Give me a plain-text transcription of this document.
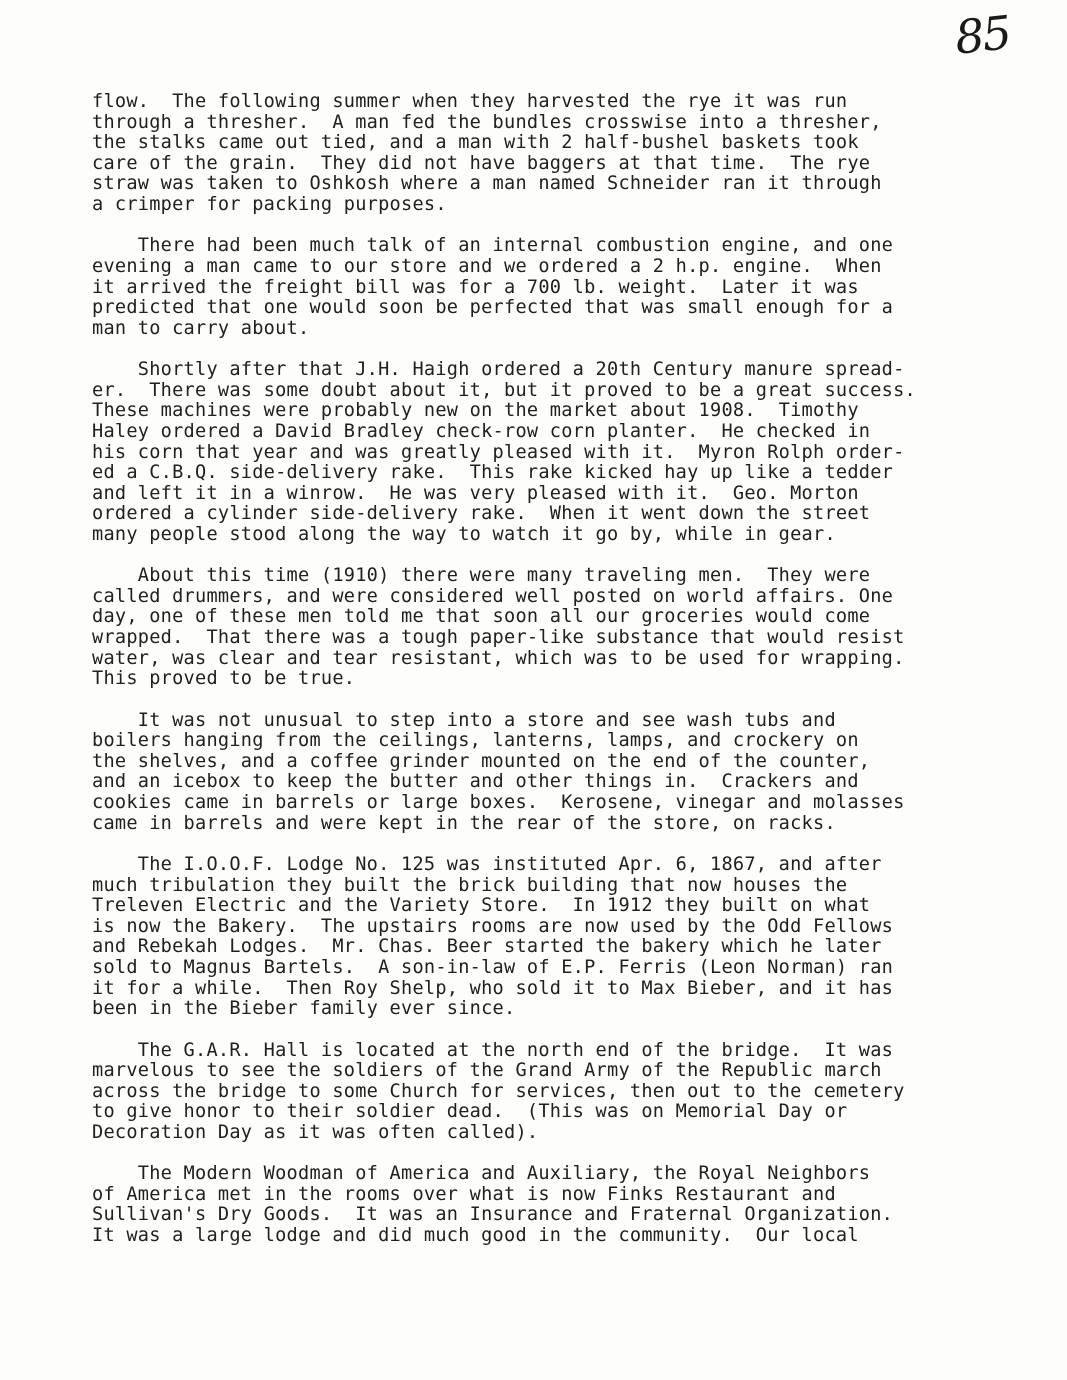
85
flow.  The following summer when they harvested the rye it was run
through a thresher.  A man fed the bundles crosswise into a thresher,
the stalks came out tied, and a man with 2 half-bushel baskets took
care of the grain.  They did not have baggers at that time.  The rye
straw was taken to Oshkosh where a man named Schneider ran it through
a crimper for packing purposes.
There had been much talk of an internal combustion engine, and one
evening a man came to our store and we ordered a 2 h.p. engine.  When
it arrived the freight bill was for a 700 lb. weight.  Later it was
predicted that one would soon be perfected that was small enough for a
man to carry about.
Shortly after that J.H. Haigh ordered a 20th Century manure spread-
er.  There was some doubt about it, but it proved to be a great success.
These machines were probably new on the market about 1908.  Timothy
Haley ordered a David Bradley check-row corn planter.  He checked in
his corn that year and was greatly pleased with it.  Myron Rolph order-
ed a C.B.Q. side-delivery rake.  This rake kicked hay up like a tedder
and left it in a winrow.  He was very pleased with it.  Geo. Morton
ordered a cylinder side-delivery rake.  When it went down the street
many people stood along the way to watch it go by, while in gear.
About this time (1910) there were many traveling men.  They were
called drummers, and were considered well posted on world affairs. One
day, one of these men told me that soon all our groceries would come
wrapped.  That there was a tough paper-like substance that would resist
water, was clear and tear resistant, which was to be used for wrapping.
This proved to be true.
It was not unusual to step into a store and see wash tubs and
boilers hanging from the ceilings, lanterns, lamps, and crockery on
the shelves, and a coffee grinder mounted on the end of the counter,
and an icebox to keep the butter and other things in.  Crackers and
cookies came in barrels or large boxes.  Kerosene, vinegar and molasses
came in barrels and were kept in the rear of the store, on racks.
The I.O.O.F. Lodge No. 125 was instituted Apr. 6, 1867, and after
much tribulation they built the brick building that now houses the
Treleven Electric and the Variety Store.  In 1912 they built on what
is now the Bakery.  The upstairs rooms are now used by the Odd Fellows
and Rebekah Lodges.  Mr. Chas. Beer started the bakery which he later
sold to Magnus Bartels.  A son-in-law of E.P. Ferris (Leon Norman) ran
it for a while.  Then Roy Shelp, who sold it to Max Bieber, and it has
been in the Bieber family ever since.
The G.A.R. Hall is located at the north end of the bridge.  It was
marvelous to see the soldiers of the Grand Army of the Republic march
across the bridge to some Church for services, then out to the cemetery
to give honor to their soldier dead.  (This was on Memorial Day or
Decoration Day as it was often called).
The Modern Woodman of America and Auxiliary, the Royal Neighbors
of America met in the rooms over what is now Finks Restaurant and
Sullivan's Dry Goods.  It was an Insurance and Fraternal Organization.
It was a large lodge and did much good in the community.  Our local
